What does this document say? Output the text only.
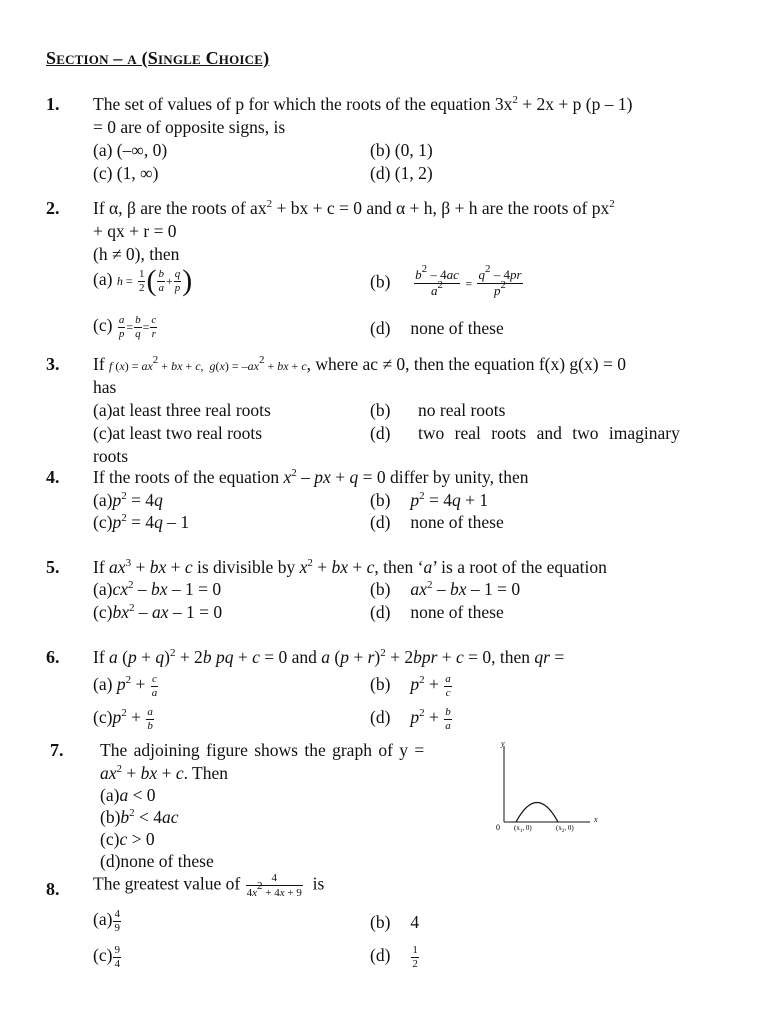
Section – a (Single Choice)
1. The set of values of p for which the roots of the equation $3x^2 + 2x + p$ (p – 1)
= 0 are of opposite signs, is
(a) (–∞, 0)	(b) (0, 1)
(c) (1, ∞)	(d) (1, 2)
2. If α, β are the roots of $ax^2$ + bx + c = 0 and α + h, β + h are the roots of $px^2$
+ qx + r = 0
(h ≠ 0), then
(a) $h = \frac{1}{2}$ ( $\frac{b}{a} + \frac{q}{p}$ )	$(b) \frac{b^2 - 4ac}{a^2} = \frac{q^2 - 4pr}{p^2}$
$(c) \frac{a}{p} = \frac{b}{q} = \frac{c}{r}$	(d) none of these
3. If f $(x) = ax^2$ + bx + c,  $g(x) = -ax^2$ + bx + c, where ac ≠ 0, then the equation f(x) g(x) = 0
has
(a)at least three real roots	(b) no real roots
(c)at least two real roots	(d) two real roots and two imaginary
roots
4. If the roots of the equation $x^2$ – px + q = 0 differ by unity, then
$(a)p^2 = 4q$	(b) $p^2 = 4q + 1$
$(c)p^2 = 4q - 1$	(d) none of these
5. If $ax^3$ + bx + c is divisible by $x^2$ + bx + c, then ‘a’ is a root of the equation
$(a)cx^2$ – bx – 1 = 0	(b) $ax^2$ – bx – 1 = 0
$(c)bx^2$ – ax – 1 = 0	(d) none of these
6. If a $(p + q)^2 + 2b$ pq + c = 0 and a $(p + r)^2 + 2bpr + c = 0$, then qr =
(a) $p^2 + \frac{c}{a}$	(b) $p^2 + \frac{a}{c}$
$(c)p^2 + \frac{a}{b}$	(d) $p^2 + \frac{b}{a}$
7. The adjoining figure shows the graph of y =
$ax^2$ + bx + c. Then
(a)a < 0
$(b)b^2 < 4ac$
(c)c > 0
(d)none of these
y
x
0 ($x_1$, 0)	($x_2$, 0)
8. The greatest value of $\frac{4}{4x^2 + 4x + 9}$ is
$(a) \frac{4}{9}$	(b) 4
$(c) \frac{9}{4}$	$(d) \frac{1}{2}$
